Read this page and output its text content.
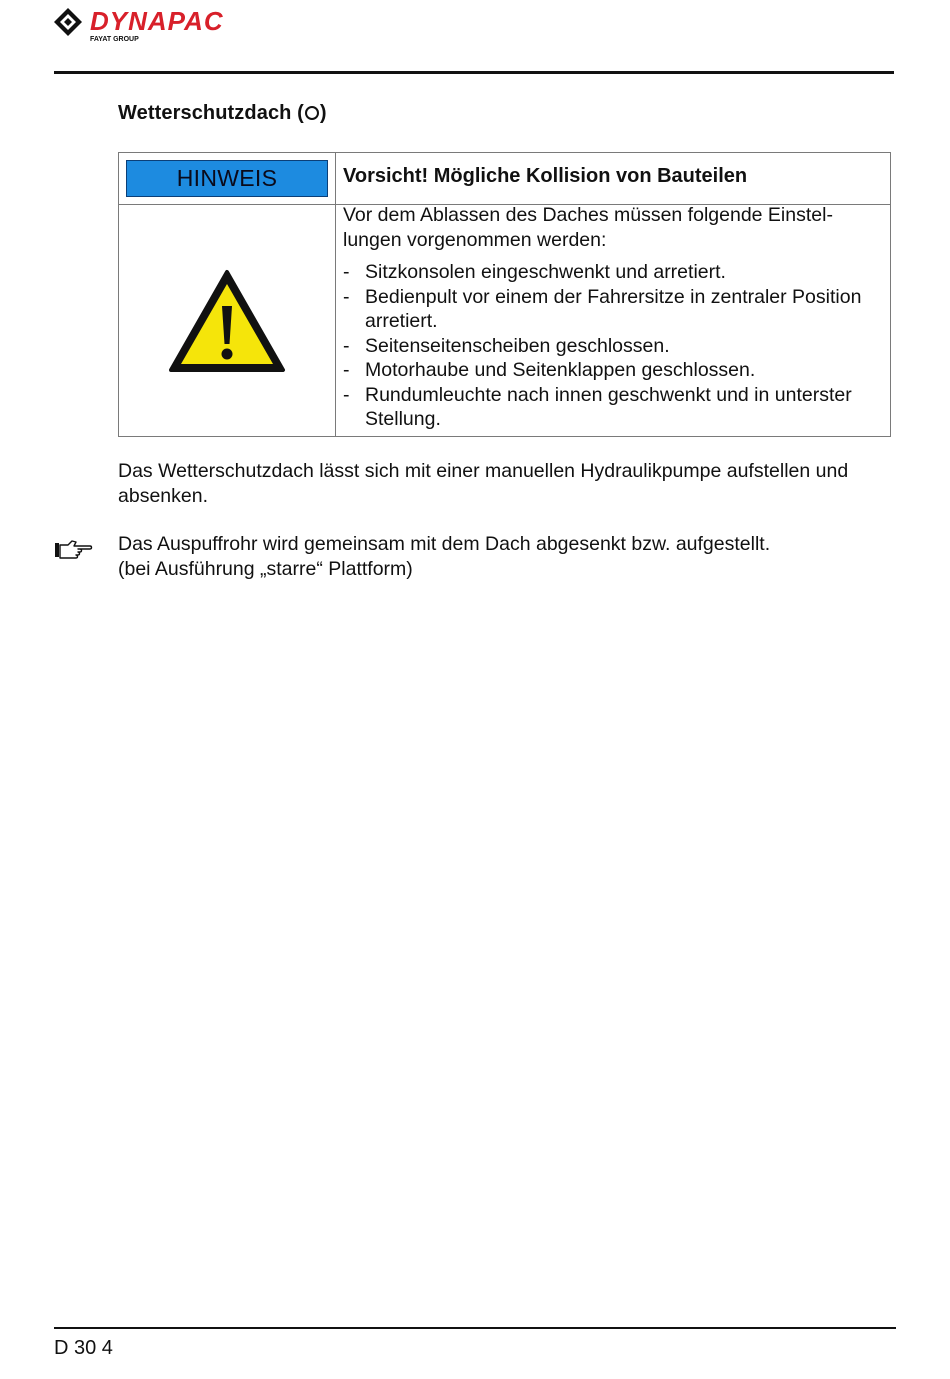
DYNAPAC
FAYAT GROUP
Wetterschutzdach ( )
HINWEIS	Vorsicht! Mögliche Kollision von Bauteilen

Vor dem Ablassen des Daches müssen folgende Einstel-lungen vorgenommen werden:

- Sitzkonsolen eingeschwenkt und arretiert.
- Bedienpult vor einem der Fahrersitze in zentraler Position arretiert.
- Seitenseitenscheiben geschlossen.
- Motorhaube und Seitenklappen geschlossen.
- Rundumleuchte nach innen geschwenkt und in unterster Stellung.
Das Wetterschutzdach lässt sich mit einer manuellen Hydraulikpumpe aufstellen und absenken.
Das Auspuffrohr wird gemeinsam mit dem Dach abgesenkt bzw. aufgestellt.
(bei Ausführung „starre“ Plattform)
D 30 4
